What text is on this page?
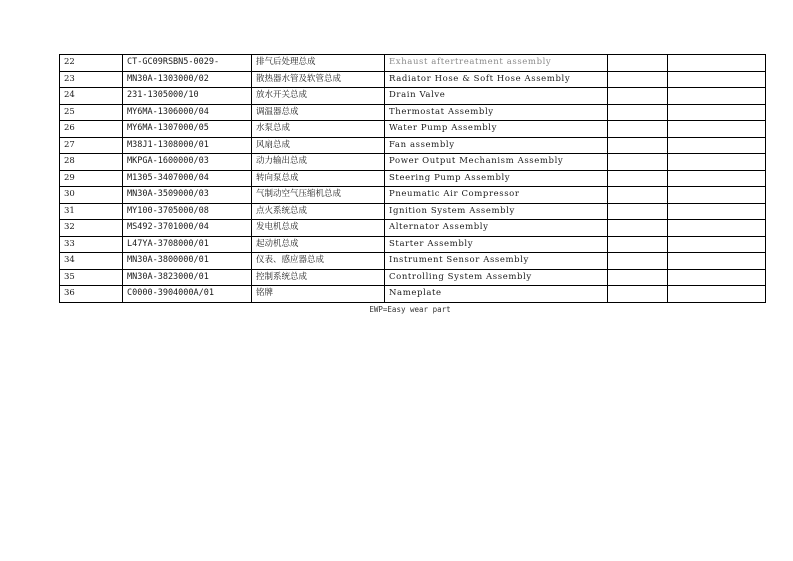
22	CT-GC09RSBN5-0029-	排气后处理总成	Exhaust aftertreatment assembly		
23	MN30A-1303000/02	散热器水管及软管总成	Radiator Hose & Soft Hose Assembly		
24	231-1305000/10	放水开关总成	Drain Valve		
25	MY6MA-1306000/04	调温器总成	Thermostat Assembly		
26	MY6MA-1307000/05	水泵总成	Water Pump Assembly		
27	M38J1-1308000/01	风扇总成	Fan assembly		
28	MKPGA-1600000/03	动力输出总成	Power Output Mechanism Assembly		
29	M1305-3407000/04	转向泵总成	Steering Pump Assembly		
30	MN30A-3509000/03	气制动空气压缩机总成	Pneumatic Air Compressor		
31	MY100-3705000/08	点火系统总成	Ignition System Assembly		
32	MS492-3701000/04	发电机总成	Alternator Assembly		
33	L47YA-3708000/01	起动机总成	Starter Assembly		
34	MN30A-3800000/01	仪表、感应器总成	Instrument Sensor Assembly		
35	MN30A-3823000/01	控制系统总成	Controlling System Assembly		
36	C0000-3904000A/01	铭牌	Nameplate		
EWP=Easy wear part
